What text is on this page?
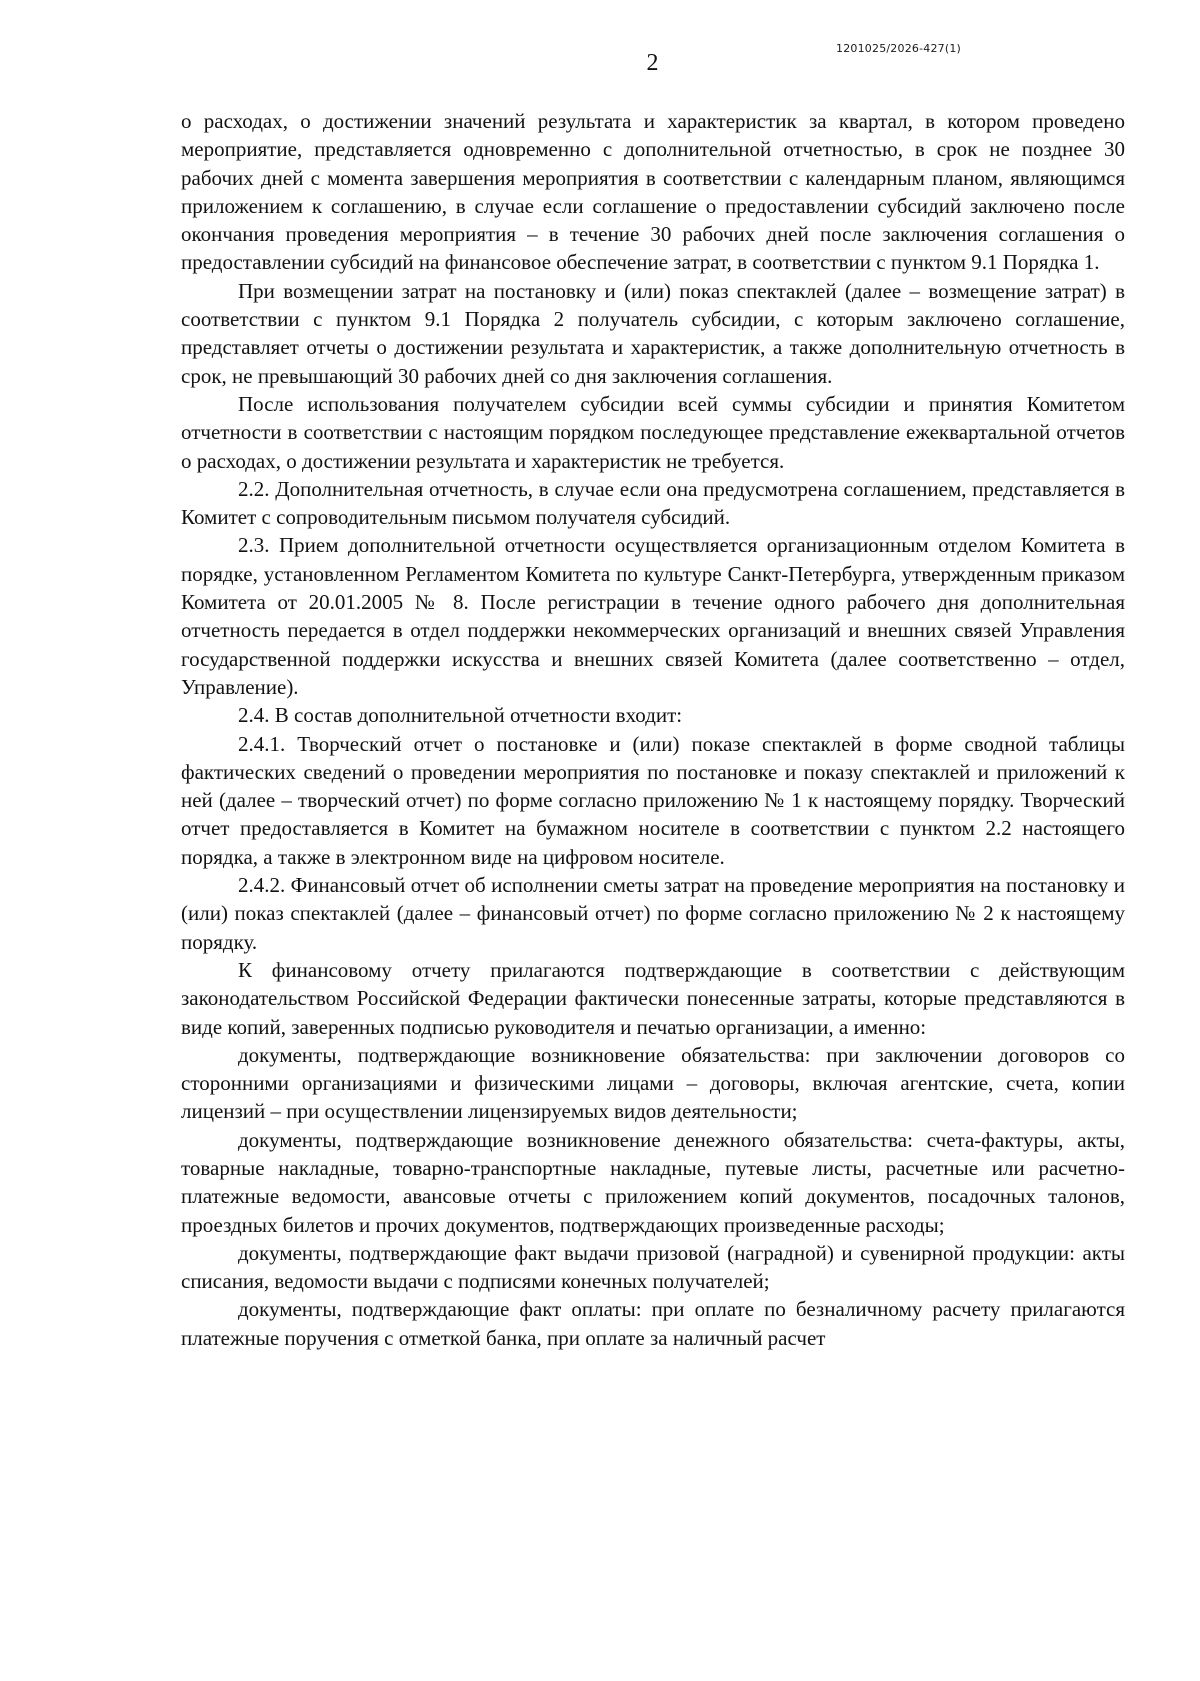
1201025/2026-427(1)
2

о расходах, о достижении значений результата и характеристик за квартал, в котором проведено мероприятие, представляется одновременно с дополнительной отчетностью, в срок не позднее 30 рабочих дней с момента завершения мероприятия в соответствии с календарным планом, являющимся приложением к соглашению, в случае если соглашение о предоставлении субсидий заключено после окончания проведения мероприятия – в течение 30 рабочих дней после заключения соглашения о предоставлении субсидий на финансовое обеспечение затрат, в соответствии с пунктом 9.1 Порядка 1.

При возмещении затрат на постановку и (или) показ спектаклей (далее – возмещение затрат) в соответствии с пунктом 9.1 Порядка 2 получатель субсидии, с которым заключено соглашение, представляет отчеты о достижении результата и характеристик, а также дополнительную отчетность в срок, не превышающий 30 рабочих дней со дня заключения соглашения.

После использования получателем субсидии всей суммы субсидии и принятия Комитетом отчетности в соответствии с настоящим порядком последующее представление ежеквартальной отчетов о расходах, о достижении результата и характеристик не требуется.

2.2. Дополнительная отчетность, в случае если она предусмотрена соглашением, представляется в Комитет с сопроводительным письмом получателя субсидий.

2.3. Прием дополнительной отчетности осуществляется организационным отделом Комитета в порядке, установленном Регламентом Комитета по культуре Санкт-Петербурга, утвержденным приказом Комитета от 20.01.2005 № 8. После регистрации в течение одного рабочего дня дополнительная отчетность передается в отдел поддержки некоммерческих организаций и внешних связей Управления государственной поддержки искусства и внешних связей Комитета (далее соответственно – отдел, Управление).

2.4. В состав дополнительной отчетности входит:

2.4.1. Творческий отчет о постановке и (или) показе спектаклей в форме сводной таблицы фактических сведений о проведении мероприятия по постановке и показу спектаклей и приложений к ней (далее – творческий отчет) по форме согласно приложению № 1 к настоящему порядку. Творческий отчет предоставляется в Комитет на бумажном носителе в соответствии с пунктом 2.2 настоящего порядка, а также в электронном виде на цифровом носителе.

2.4.2. Финансовый отчет об исполнении сметы затрат на проведение мероприятия на постановку и (или) показ спектаклей (далее – финансовый отчет) по форме согласно приложению № 2 к настоящему порядку.

К финансовому отчету прилагаются подтверждающие в соответствии с действующим законодательством Российской Федерации фактически понесенные затраты, которые представляются в виде копий, заверенных подписью руководителя и печатью организации, а именно:

документы, подтверждающие возникновение обязательства: при заключении договоров со сторонними организациями и физическими лицами – договоры, включая агентские, счета, копии лицензий – при осуществлении лицензируемых видов деятельности;

документы, подтверждающие возникновение денежного обязательства: счета-фактуры, акты, товарные накладные, товарно-транспортные накладные, путевые листы, расчетные или расчетно-платежные ведомости, авансовые отчеты с приложением копий документов, посадочных талонов, проездных билетов и прочих документов, подтверждающих произведенные расходы;

документы, подтверждающие факт выдачи призовой (наградной) и сувенирной продукции: акты списания, ведомости выдачи с подписями конечных получателей;

документы, подтверждающие факт оплаты: при оплате по безналичному расчету прилагаются платежные поручения с отметкой банка, при оплате за наличный расчет
